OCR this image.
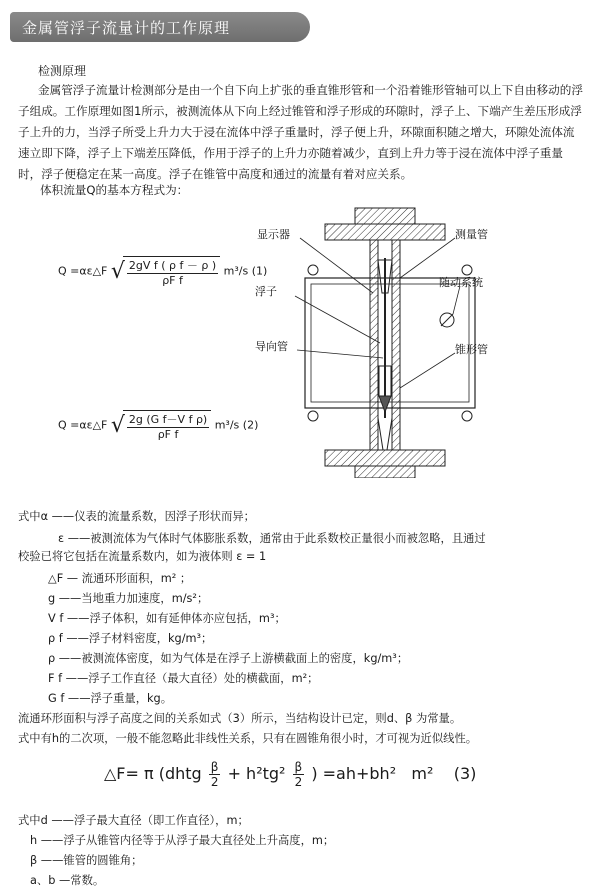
金属管浮子流量计的工作原理
检测原理
金属管浮子流量计检测部分是由一个自下向上扩张的垂直锥形管和一个沿着锥形管轴可以上下自由移动的浮子组成。工作原理如图1所示，被测流体从下向上经过锥管和浮子形成的环隙时，浮子上、下端产生差压形成浮子上升的力，当浮子所受上升力大于浸在流体中浮子重量时，浮子便上升，环隙面积随之增大，环隙处流体流速立即下降，浮子上下端差压降低，作用于浮子的上升力亦随着减少，直到上升力等于浸在流体中浮子重量时，浮子便稳定在某一高度。浮子在锥管中高度和通过的流量有着对应关系。
体积流量Q的基本方程式为：
Q =αε△F √ $\frac{\text{2gV f ( ρ f － ρ )}}{\text{ρF f}} m^3/s$ (1)
Q =αε△F √ $\frac{\text{2g (G f－V f ρ)}}{\text{ρF f}} m^3/s$ (2)
显示器	测量管
浮子
随动系统
导向管	锥形管
式中α ——仪表的流量系数，因浮子形状而异；
ε ——被测流体为气体时气体膨胀系数，通常由于此系数校正量很小而被忽略，且通过
校验已将它包括在流量系数内，如为液体则 ε = 1
△F — 流通环形面积，m² ；
g ——当地重力加速度，m/s²；
V f ——浮子体积，如有延伸体亦应包括，m³；
ρ f ——浮子材料密度，kg/m³；
ρ ——被测流体密度，如为气体是在浮子上游横截面上的密度，kg/m³；
F f ——浮子工作直径（最大直径）处的横截面，m²；
G f ——浮子重量，kg。
流通环形面积与浮子高度之间的关系如式（3）所示，当结构设计已定，则d、β 为常量。
式中有h的二次项，一般不能忽略此非线性关系，只有在圆锥角很小时，才可视为近似线性。
△F= π (dhtg $\frac{\beta}{2} + h^2tg^2 \frac{\beta}{2}$ ) =ah+bh² m² (3)
式中d ——浮子最大直径（即工作直径），m；
h ——浮子从锥管内径等于从浮子最大直径处上升高度，m；
β ——锥管的圆锥角；
a、b —常数。
